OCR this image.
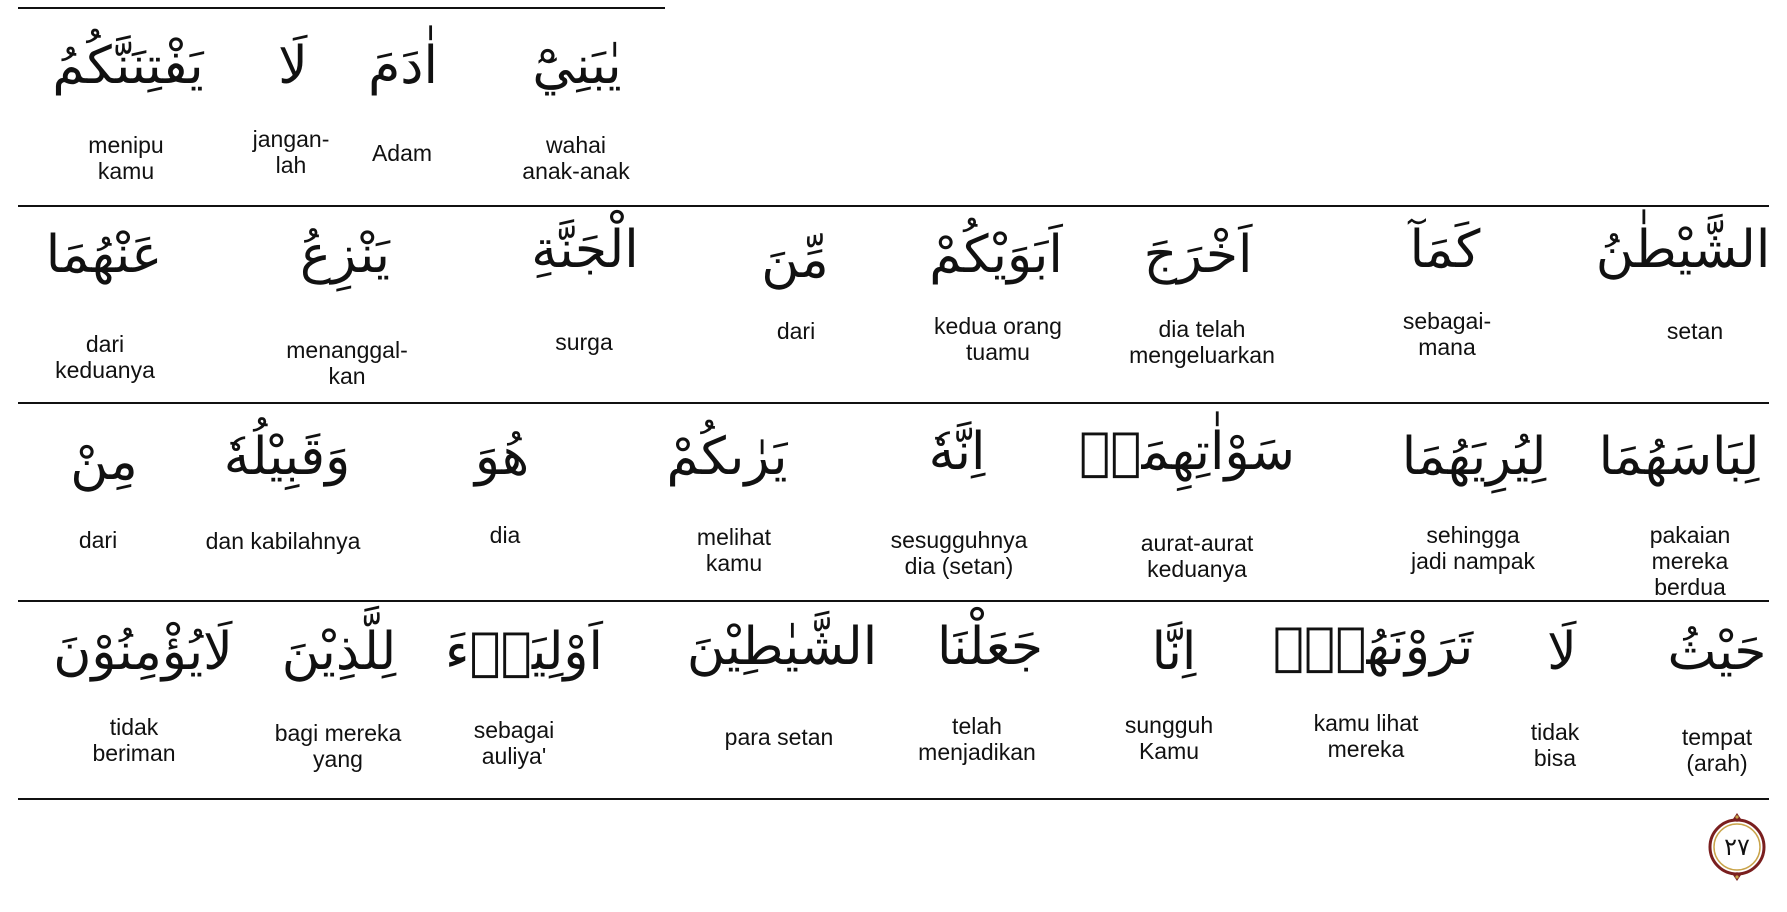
يَفْتِنَنَّكُمُ
menipu
kamu
لَا
jangan-
lah
اٰدَمَ
Adam
يٰبَنِيْٓ
wahai
anak-anak
عَنْهُمَا
dari
keduanya
يَنْزِعُ
menanggal-
kan
الْجَنَّةِ
surga
مِّنَ
dari
اَبَوَيْكُمْ
kedua orang
tuamu
اَخْرَجَ
dia telah
mengeluarkan
كَمَآ
sebagai-
mana
الشَّيْطٰنُ
setan
مِنْ
dari
وَقَبِيْلُهٗ
dan kabilahnya
هُوَ
dia
يَرٰىكُمْ
melihat
kamu
اِنَّهٗ
sesugguhnya
dia (setan)
سَوْاٰتِهِمَاۗ
aurat-aurat
keduanya
لِيُرِيَهُمَا
sehingga
jadi nampak
لِبَاسَهُمَا
pakaian mereka
berdua
لَايُؤْمِنُوْنَ
tidak
beriman
لِلَّذِيْنَ
bagi mereka
yang
اَوْلِيَاۤءَ
sebagai
auliya'
الشَّيٰطِيْنَ
para setan
جَعَلْنَا
telah
menjadikan
اِنَّا
sungguh
Kamu
تَرَوْنَهُمْۗ
kamu lihat
mereka
لَا
tidak
bisa
حَيْثُ
tempat
(arah)
٢٧
